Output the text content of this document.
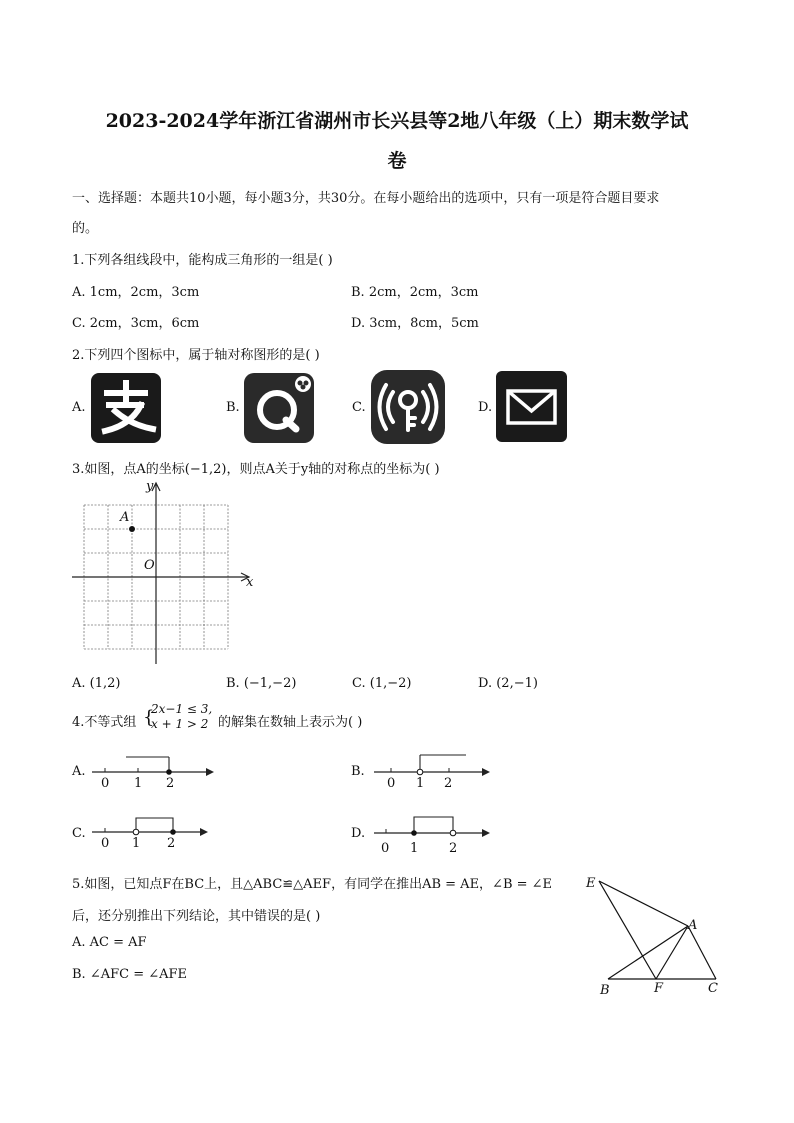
2023-2024学年浙江省湖州市长兴县等2地八年级（上）期末数学试
卷
一、选择题：本题共10小题，每小题3分，共30分。在每小题给出的选项中，只有一项是符合题目要求
的。
1.下列各组线段中，能构成三角形的一组是( )
A. 1cm，2cm，3cm	B. 2cm，2cm，3cm
C. 2cm，3cm，6cm	D. 3cm，8cm，5cm
2.下列四个图标中，属于轴对称图形的是( )
A.	B.	C.	D.
3.如图，点A的坐标(−1,2)，则点A关于y轴的对称点的坐标为( )
x
y
O
A
A. (1,2)	B. (−1,−2)	C. (1,−2)	D. (2,−1)
4.不等式组 {
2x−1 ≤ 3,
x + 1 > 2 的解集在数轴上表示为( )
A.
0 1 2
B.
0 1 2
C.
0 1 2
D.
0 1 2
5.如图，已知点F在BC上，且△ABC≌△AEF，有同学在推出AB = AE，∠B = ∠E
后，还分别推出下列结论，其中错误的是( )
A. AC = AF
B. ∠AFC = ∠AFE
E
A
B	F	C
